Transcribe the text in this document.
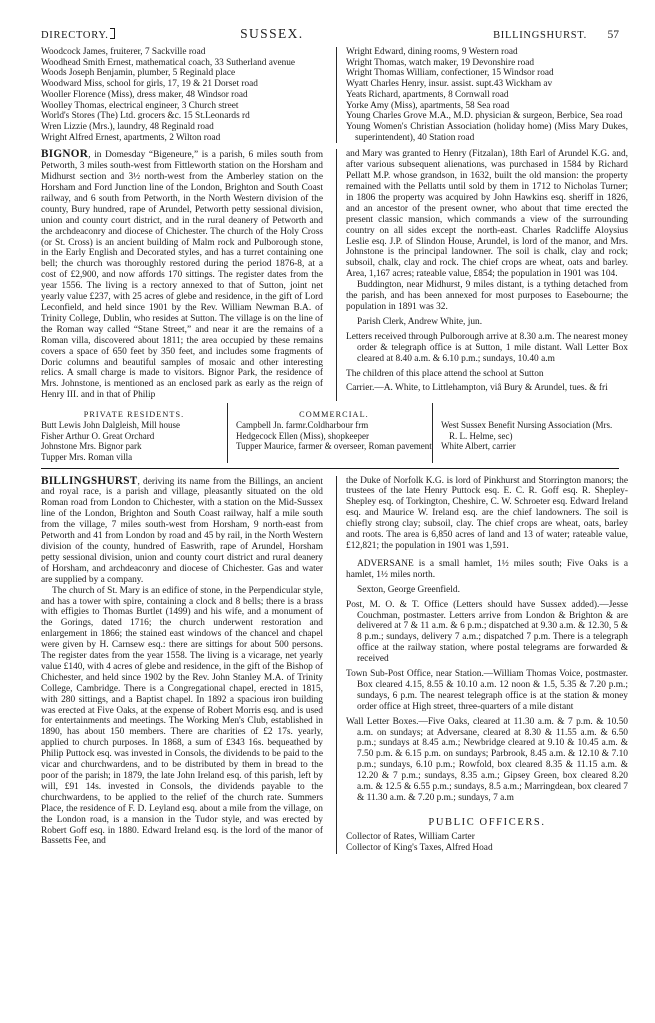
DIRECTORY.	SUSSEX.	BILLINGSHURST. 57
Woodcock James, fruiterer, 7 Sackville road
Woodhead Smith Ernest, mathematical coach, 33 Sutherland avenue
Woods Joseph Benjamin, plumber, 5 Reginald place
Woodward Miss, school for girls, 17, 19 & 21 Dorset road
Wooller Florence (Miss), dress maker, 48 Windsor road
Woolley Thomas, electrical engineer, 3 Church street
World's Stores (The) Ltd. grocers &c. 15 St.Leonards rd
Wren Lizzie (Mrs.), laundry, 48 Reginald road
Wright Alfred Ernest, apartments, 2 Wilton road
Wright Edward, dining rooms, 9 Western road
Wright Thomas, watch maker, 19 Devonshire road
Wright Thomas William, confectioner, 15 Windsor road
Wyatt Charles Henry, insur. assist. supt.43 Wickham av
Yeats Richard, apartments, 8 Cornwall road
Yorke Amy (Miss), apartments, 58 Sea road
Young Charles Grove M.A., M.D. physician & surgeon, Berbice, Sea road
Young Women's Christian Association (holiday home) (Miss Mary Dukes, superintendent), 40 Station road

BIGNOR, in Domesday “Bigeneure,” is a parish, 6 miles south from Petworth, 3 miles south-west from Fittleworth station on the Horsham and Midhurst section and 3½ north-west from the Amberley station on the Horsham and Ford Junction line of the London, Brighton and South Coast railway, and 6 south from Petworth, in the North Western division of the county, Bury hundred, rape of Arundel, Petworth petty sessional division, union and county court district, and in the rural deanery of Petworth and the archdeaconry and diocese of Chichester. The church of the Holy Cross (or St. Cross) is an ancient building of Malm rock and Pulborough stone, in the Early English and Decorated styles, and has a turret containing one bell; the church was thoroughly restored during the period 1876-8, at a cost of £2,900, and now affords 170 sittings. The register dates from the year 1556. The living is a rectory annexed to that of Sutton, joint net yearly value £237, with 25 acres of glebe and residence, in the gift of Lord Leconfield, and held since 1901 by the Rev. William Newman B.A. of Trinity College, Dublin, who resides at Sutton. The village is on the line of the Roman way called “Stane Street,” and near it are the remains of a Roman villa, discovered about 1811; the area occupied by these remains covers a space of 650 feet by 350 feet, and includes some fragments of Doric columns and beautiful samples of mosaic and other interesting relics. A small charge is made to visitors. Bignor Park, the residence of Mrs. Johnstone, is mentioned as an enclosed park as early as the reign of Henry III. and in that of Philip

and Mary was granted to Henry (Fitzalan), 18th Earl of Arundel K.G. and, after various subsequent alienations, was purchased in 1584 by Richard Pellatt M.P. whose grandson, in 1632, built the old mansion: the property remained with the Pellatts until sold by them in 1712 to Nicholas Turner; in 1806 the property was acquired by John Hawkins esq. sheriff in 1826, and an ancestor of the present owner, who about that time erected the present classic mansion, which commands a view of the surrounding country on all sides except the north-east. Charles Radcliffe Aloysius Leslie esq. J.P. of Slindon House, Arundel, is lord of the manor, and Mrs. Johnstone is the principal landowner. The soil is chalk, clay and rock; subsoil, chalk, clay and rock. The chief crops are wheat, oats and barley. Area, 1,167 acres; rateable value, £854; the population in 1901 was 104.

Buddington, near Midhurst, 9 miles distant, is a tything detached from the parish, and has been annexed for most purposes to Easebourne; the population in 1891 was 32.

Parish Clerk, Andrew White, jun.

Letters received through Pulborough arrive at 8.30 a.m. The nearest money order & telegraph office is at Sutton, 1 mile distant. Wall Letter Box cleared at 8.40 a.m. & 6.10 p.m.; sundays, 10.40 a.m

The children of this place attend the school at Sutton

Carrier.—A. White, to Littlehampton, viâ Bury & Arundel, tues. & fri

PRIVATE RESIDENTS.
Butt Lewis John Dalgleish, Mill house
Fisher Arthur O. Great Orchard
Johnstone Mrs. Bignor park
Tupper Mrs. Roman villa
COMMERCIAL.
Campbell Jn. farmr.Coldharbour frm
Hedgecock Ellen (Miss), shopkeeper
Tupper Maurice, farmer & overseer, Roman pavement
West Sussex Benefit Nursing Association (Mrs. R. L. Helme, sec)
White Albert, carrier

BILLINGSHURST, deriving its name from the Billings, an ancient and royal race, is a parish and village, pleasantly situated on the old Roman road from London to Chichester, with a station on the Mid-Sussex line of the London, Brighton and South Coast railway, half a mile south from the village, 7 miles south-west from Horsham, 9 north-east from Petworth and 41 from London by road and 45 by rail, in the North Western division of the county, hundred of Easwrith, rape of Arundel, Horsham petty sessional division, union and county court district and rural deanery of Horsham, and archdeaconry and diocese of Chichester. Gas and water are supplied by a company.

The church of St. Mary is an edifice of stone, in the Perpendicular style, and has a tower with spire, containing a clock and 8 bells; there is a brass with effigies to Thomas Burtlet (1499) and his wife, and a monument of the Gorings, dated 1716; the church underwent restoration and enlargement in 1866; the stained east windows of the chancel and chapel were given by H. Carnsew esq.: there are sittings for about 500 persons. The register dates from the year 1558. The living is a vicarage, net yearly value £140, with 4 acres of glebe and residence, in the gift of the Bishop of Chichester, and held since 1902 by the Rev. John Stanley M.A. of Trinity College, Cambridge. There is a Congregational chapel, erected in 1815, with 280 sittings, and a Baptist chapel. In 1892 a spacious iron building was erected at Five Oaks, at the expense of Robert Morris esq. and is used for entertainments and meetings. The Working Men's Club, established in 1890, has about 150 members. There are charities of £2 17s. yearly, applied to church purposes. In 1868, a sum of £343 16s. bequeathed by Philip Puttock esq. was invested in Consols, the dividends to be paid to the vicar and churchwardens, and to be distributed by them in bread to the poor of the parish; in 1879, the late John Ireland esq. of this parish, left by will, £91 14s. invested in Consols, the dividends payable to the churchwardens, to be applied to the relief of the church rate. Summers Place, the residence of F. D. Leyland esq. about a mile from the village, on the London road, is a mansion in the Tudor style, and was erected by Robert Goff esq. in 1880. Edward Ireland esq. is the lord of the manor of Bassetts Fee, and

the Duke of Norfolk K.G. is lord of Pinkhurst and Storrington manors; the trustees of the late Henry Puttock esq. E. C. R. Goff esq. R. Shepley-Shepley esq. of Torkington, Cheshire, C. W. Schroeter esq. Edward Ireland esq. and Maurice W. Ireland esq. are the chief landowners. The soil is chiefly strong clay; subsoil, clay. The chief crops are wheat, oats, barley and roots. The area is 6,850 acres of land and 13 of water; rateable value, £12,821; the population in 1901 was 1,591.

ADVERSANE is a small hamlet, 1½ miles south; Five Oaks is a hamlet, 1½ miles north.

Sexton, George Greenfield.

Post, M. O. & T. Office (Letters should have Sussex added).—Jesse Couchman, postmaster. Letters arrive from London & Brighton & are delivered at 7 & 11 a.m. & 6 p.m.; dispatched at 9.30 a.m. & 12.30, 5 & 8 p.m.; sundays, delivery 7 a.m.; dispatched 7 p.m. There is a telegraph office at the railway station, where postal telegrams are forwarded & received

Town Sub-Post Office, near Station.—William Thomas Voice, postmaster. Box cleared 4.15, 8.55 & 10.10 a.m. 12 noon & 1.5, 5.35 & 7.20 p.m.; sundays, 6 p.m. The nearest telegraph office is at the station & money order office at High street, three-quarters of a mile distant

Wall Letter Boxes.—Five Oaks, cleared at 11.30 a.m. & 7 p.m. & 10.50 a.m. on sundays; at Adversane, cleared at 8.30 & 11.55 a.m. & 6.50 p.m.; sundays at 8.45 a.m.; Newbridge cleared at 9.10 & 10.45 a.m. & 7.50 p.m. & 6.15 p.m. on sundays; Parbrook, 8.45 a.m. & 12.10 & 7.10 p.m.; sundays, 6.10 p.m.; Rowfold, box cleared 8.35 & 11.15 a.m. & 12.20 & 7 p.m.; sundays, 8.35 a.m.; Gipsey Green, box cleared 8.20 a.m. & 12.5 & 6.55 p.m.; sundays, 8.5 a.m.; Marringdean, box cleared 7 & 11.30 a.m. & 7.20 p.m.; sundays, 7 a.m

PUBLIC OFFICERS.

Collector of Rates, William Carter

Collector of King's Taxes, Alfred Hoad
